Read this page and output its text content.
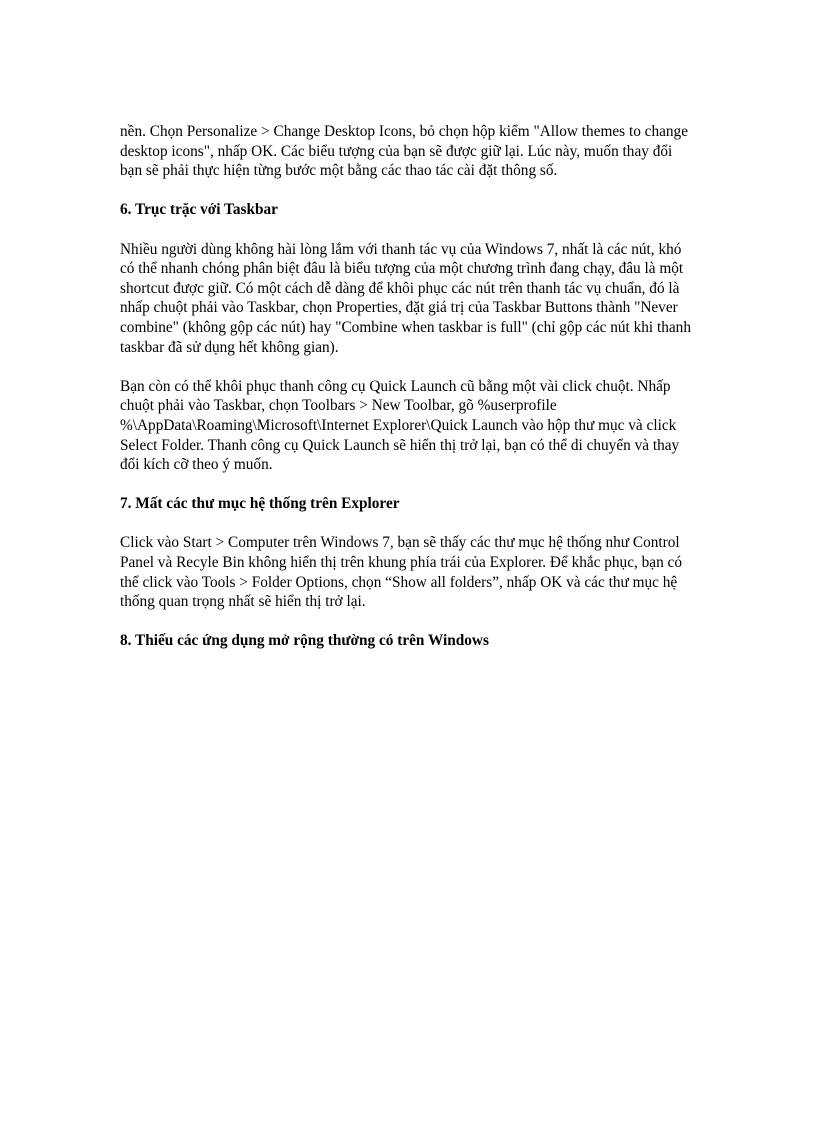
nền. Chọn Personalize > Change Desktop Icons, bỏ chọn hộp kiểm "Allow themes to change desktop icons", nhấp OK. Các biểu tượng của bạn sẽ được giữ lại. Lúc này, muốn thay đổi bạn sẽ phải thực hiện từng bước một bằng các thao tác cài đặt thông số.

6. Trục trặc với Taskbar

Nhiều người dùng không hài lòng lắm với thanh tác vụ của Windows 7, nhất là các nút, khó có thể nhanh chóng phân biệt đâu là biểu tượng của một chương trình đang chạy, đâu là một shortcut được giữ. Có một cách dễ dàng để khôi phục các nút trên thanh tác vụ chuẩn, đó là nhấp chuột phải vào Taskbar, chọn Properties, đặt giá trị của Taskbar Buttons thành "Never combine" (không gộp các nút) hay "Combine when taskbar is full" (chỉ gộp các nút khi thanh taskbar đã sử dụng hết không gian).

Bạn còn có thể khôi phục thanh công cụ Quick Launch cũ bằng một vài click chuột. Nhấp chuột phải vào Taskbar, chọn Toolbars > New Toolbar, gõ %userprofile %\AppData\Roaming\Microsoft\Internet Explorer\Quick Launch vào hộp thư mục và click Select Folder. Thanh công cụ Quick Launch sẽ hiển thị trở lại, bạn có thể di chuyển và thay đổi kích cỡ theo ý muốn.

7. Mất các thư mục hệ thống trên Explorer

Click vào Start > Computer trên Windows 7, bạn sẽ thấy các thư mục hệ thống như Control Panel và Recyle Bin không hiển thị trên khung phía trái của Explorer. Để khắc phục, bạn có thể click vào Tools > Folder Options, chọn “Show all folders”, nhấp OK và các thư mục hệ thống quan trọng nhất sẽ hiển thị trở lại.

8. Thiếu các ứng dụng mở rộng thường có trên Windows
